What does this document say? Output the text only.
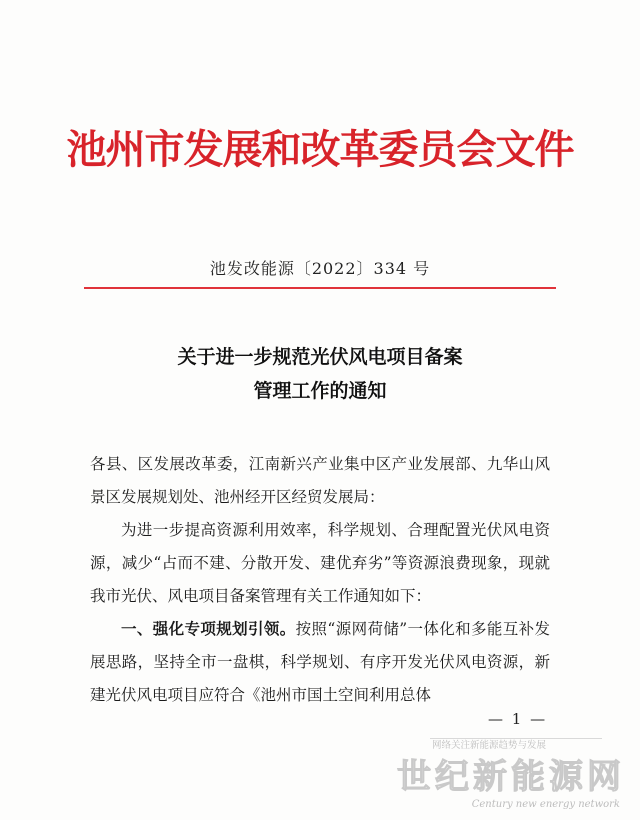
池州市发展和改革委员会文件
池发改能源〔2022〕334 号
关于进一步规范光伏风电项目备案
管理工作的通知

各县、区发展改革委，江南新兴产业集中区产业发展部、九华山风景区发展规划处、池州经开区经贸发展局：

为进一步提高资源利用效率，科学规划、合理配置光伏风电资源，减少“占而不建、分散开发、建优弃劣”等资源浪费现象，现就我市光伏、风电项目备案管理有关工作通知如下：

一、强化专项规划引领。按照“源网荷储”一体化和多能互补发展思路，坚持全市一盘棋，科学规划、有序开发光伏风电资源，新建光伏风电项目应符合《池州市国土空间利用总体

— 1 —
网络关注新能源趋势与发展
世纪新能源网
Century new energy network
